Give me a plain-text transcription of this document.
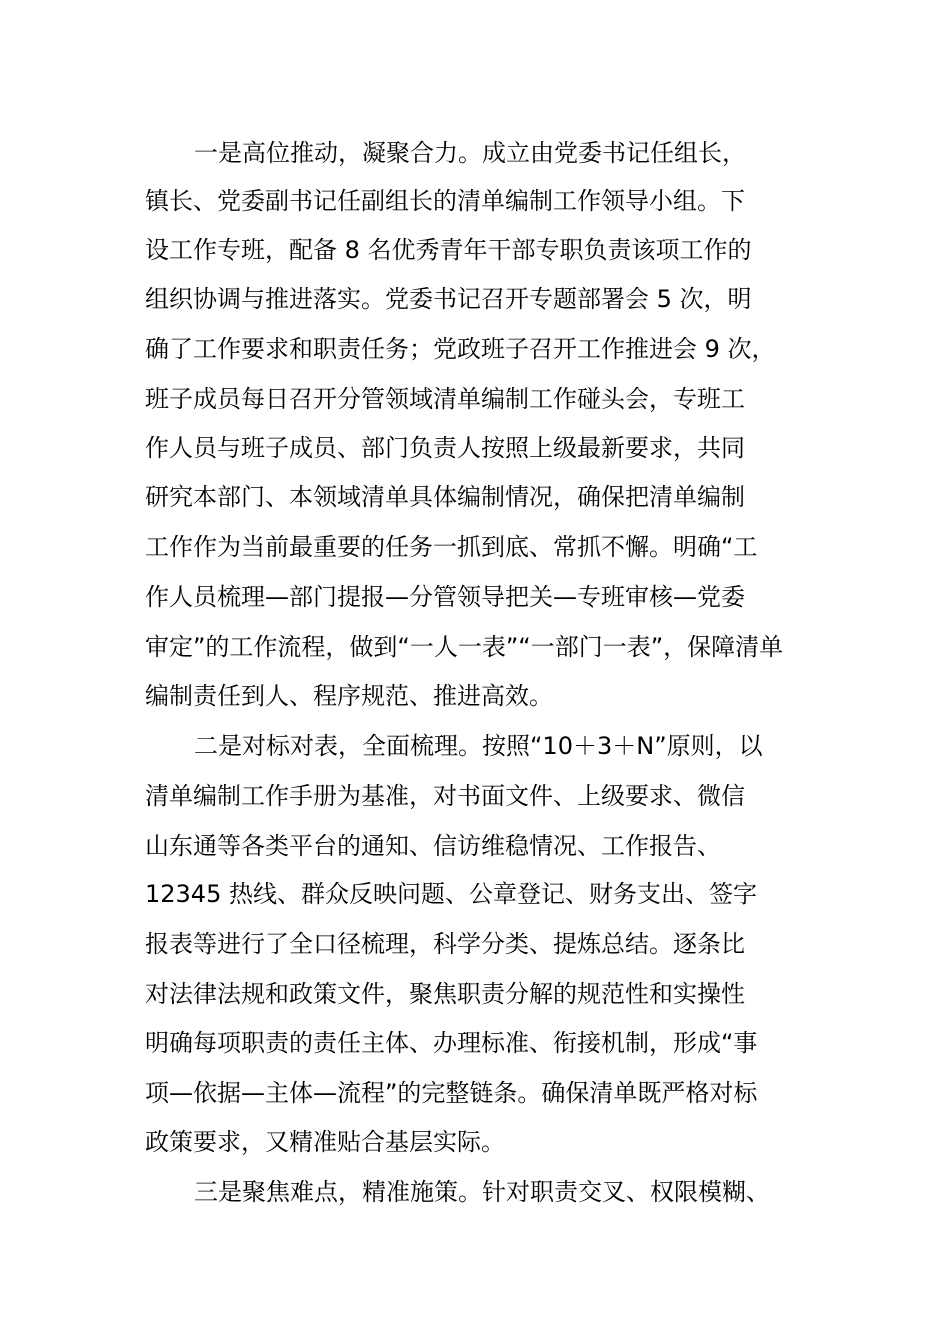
一是高位推动，凝聚合力。成立由党委书记任组长，
镇长、党委副书记任副组长的清单编制工作领导小组。下
设工作专班，配备 8 名优秀青年干部专职负责该项工作的
组织协调与推进落实。党委书记召开专题部署会 5 次，明
确了工作要求和职责任务；党政班子召开工作推进会 9 次，
班子成员每日召开分管领域清单编制工作碰头会，专班工
作人员与班子成员、部门负责人按照上级最新要求，共同
研究本部门、本领域清单具体编制情况，确保把清单编制
工作作为当前最重要的任务一抓到底、常抓不懈。明确“工
作人员梳理—部门提报—分管领导把关—专班审核—党委
审定”的工作流程，做到“一人一表”“一部门一表”，保障清单
编制责任到人、程序规范、推进高效。
二是对标对表，全面梳理。按照“10＋3＋N”原则，以
清单编制工作手册为基准，对书面文件、上级要求、微信
山东通等各类平台的通知、信访维稳情况、工作报告、
12345 热线、群众反映问题、公章登记、财务支出、签字
报表等进行了全口径梳理，科学分类、提炼总结。逐条比
对法律法规和政策文件，聚焦职责分解的规范性和实操性
明确每项职责的责任主体、办理标准、衔接机制，形成“事
项—依据—主体—流程”的完整链条。确保清单既严格对标
政策要求，又精准贴合基层实际。
三是聚焦难点，精准施策。针对职责交叉、权限模糊、
